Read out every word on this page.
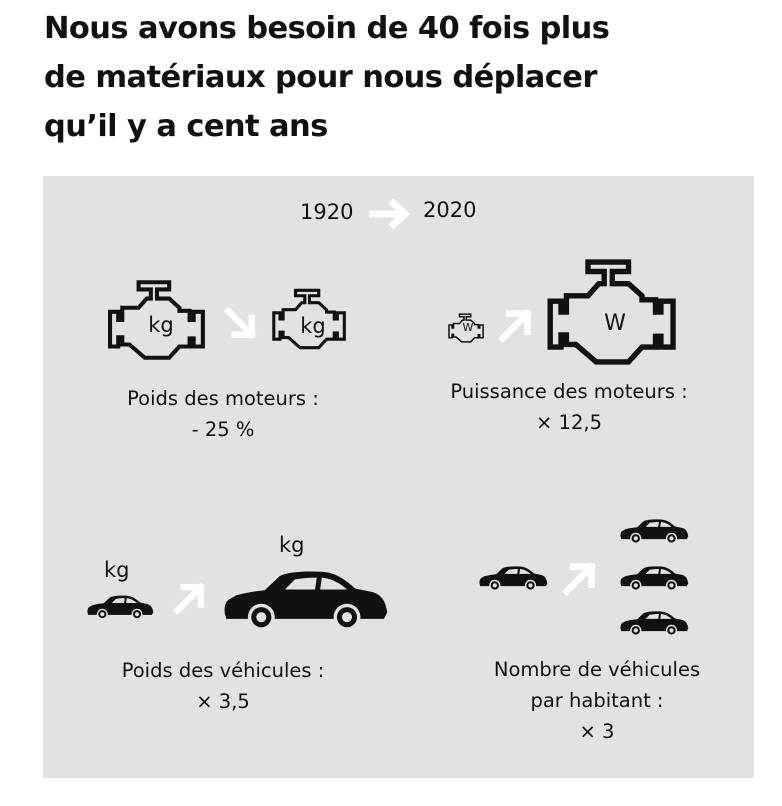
Nous avons besoin de 40 fois plus
de matériaux pour nous déplacer
qu’il y a cent ans
1920	2020
kg	kg
Poids des moteurs :
- 25 %
W	W
Puissance des moteurs :
× 12,5
kg
kg
Poids des véhicules :
× 3,5
Nombre de véhicules
par habitant :
× 3
